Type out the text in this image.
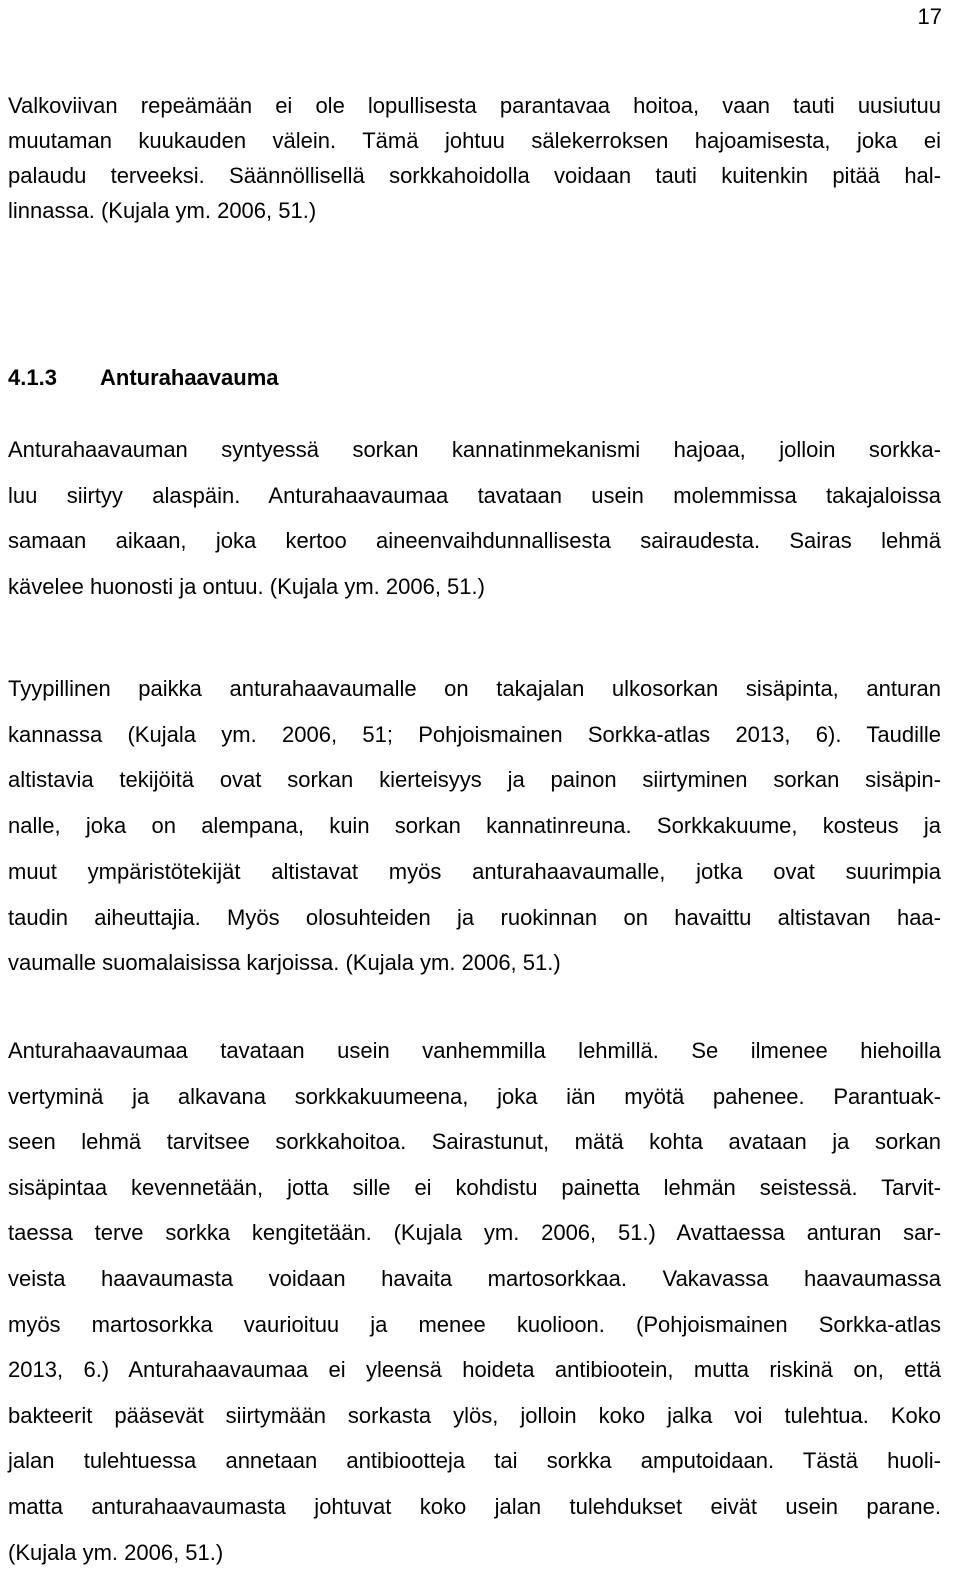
17
Valkoviivan repeämään ei ole lopullisesta parantavaa hoitoa, vaan tauti uusiutuu
muutaman kuukauden välein. Tämä johtuu sälekerroksen hajoamisesta, joka ei
palaudu terveeksi. Säännöllisellä sorkkahoidolla voidaan tauti kuitenkin pitää hal-
linnassa. (Kujala ym. 2006, 51.)
4.1.3 Anturahaavauma
Anturahaavauman syntyessä sorkan kannatinmekanismi hajoaa, jolloin sorkka-
luu siirtyy alaspäin. Anturahaavaumaa tavataan usein molemmissa takajaloissa
samaan aikaan, joka kertoo aineenvaihdunnallisesta sairaudesta. Sairas lehmä
kävelee huonosti ja ontuu. (Kujala ym. 2006, 51.)
Tyypillinen paikka anturahaavaumalle on takajalan ulkosorkan sisäpinta, anturan
kannassa (Kujala ym. 2006, 51; Pohjoismainen Sorkka-atlas 2013, 6). Taudille
altistavia tekijöitä ovat sorkan kierteisyys ja painon siirtyminen sorkan sisäpin-
nalle, joka on alempana, kuin sorkan kannatinreuna. Sorkkakuume, kosteus ja
muut ympäristötekijät altistavat myös anturahaavaumalle, jotka ovat suurimpia
taudin aiheuttajia. Myös olosuhteiden ja ruokinnan on havaittu altistavan haa-
vaumalle suomalaisissa karjoissa. (Kujala ym. 2006, 51.)
Anturahaavaumaa tavataan usein vanhemmilla lehmillä. Se ilmenee hiehoilla
vertyminä ja alkavana sorkkakuumeena, joka iän myötä pahenee. Parantuak-
seen lehmä tarvitsee sorkkahoitoa. Sairastunut, mätä kohta avataan ja sorkan
sisäpintaa kevennetään, jotta sille ei kohdistu painetta lehmän seistessä. Tarvit-
taessa terve sorkka kengitetään. (Kujala ym. 2006, 51.) Avattaessa anturan sar-
veista haavaumasta voidaan havaita martosorkkaa. Vakavassa haavaumassa
myös martosorkka vaurioituu ja menee kuolioon. (Pohjoismainen Sorkka-atlas
2013, 6.) Anturahaavaumaa ei yleensä hoideta antibiootein, mutta riskinä on, että
bakteerit pääsevät siirtymään sorkasta ylös, jolloin koko jalka voi tulehtua. Koko
jalan tulehtuessa annetaan antibiootteja tai sorkka amputoidaan. Tästä huoli-
matta anturahaavaumasta johtuvat koko jalan tulehdukset eivät usein parane.
(Kujala ym. 2006, 51.)
